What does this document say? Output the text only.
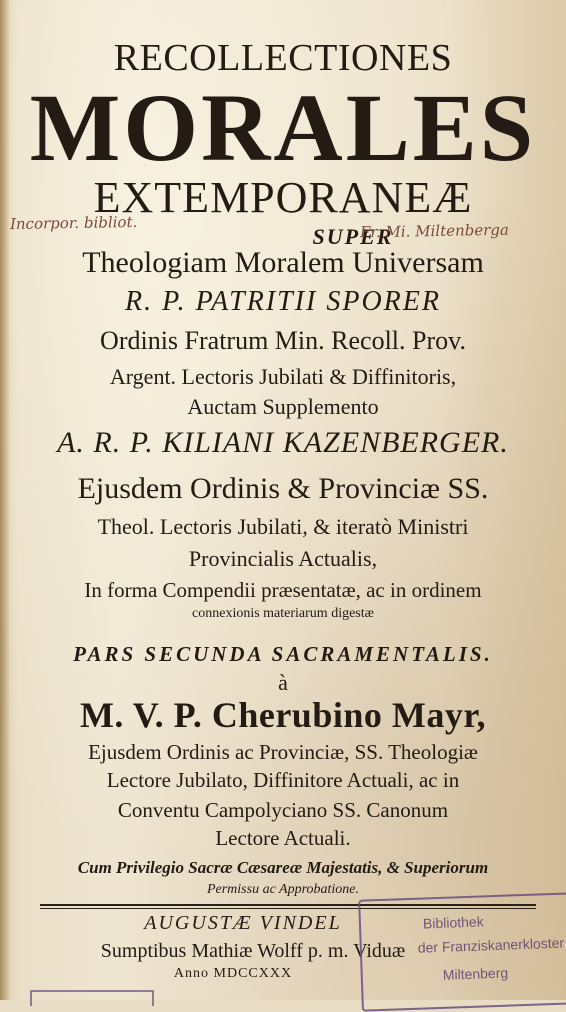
RECOLLECTIONES
MORALES
EXTEMPORANEÆ
Incorpor. bibliot.
SUPER
Fr. Mi. Miltenberga
Theologiam Moralem Universam
R. P. PATRITII SPORER
Ordinis Fratrum Min. Recoll. Prov.
Argent. Lectoris Jubilati & Diffinitoris,
Auctam Supplemento
A. R. P. KILIANI KAZENBERGER.
Ejusdem Ordinis & Provinciæ SS.
Theol. Lectoris Jubilati, & iteratò Ministri
Provincialis Actualis,
In forma Compendii præsentatæ, ac in ordinem
connexionis materiarum digestæ
PARS SECUNDA SACRAMENTALIS.
à
M. V. P. Cherubino Mayr,
Ejusdem Ordinis ac Provinciæ, SS. Theologiæ
Lectore Jubilato, Diffinitore Actuali, ac in
Conventu Campolyciano SS. Canonum
Lectore Actuali.
Cum Privilegio Sacræ Cæsareæ Majestatis, & Superiorum
Permissu ac Approbatione.
AUGUSTÆ VINDEL
Sumptibus Mathiæ Wolff p. m. Viduæ
Anno MDCCXXX
Bibliothek
der Franziskanerkloster
Miltenberg
